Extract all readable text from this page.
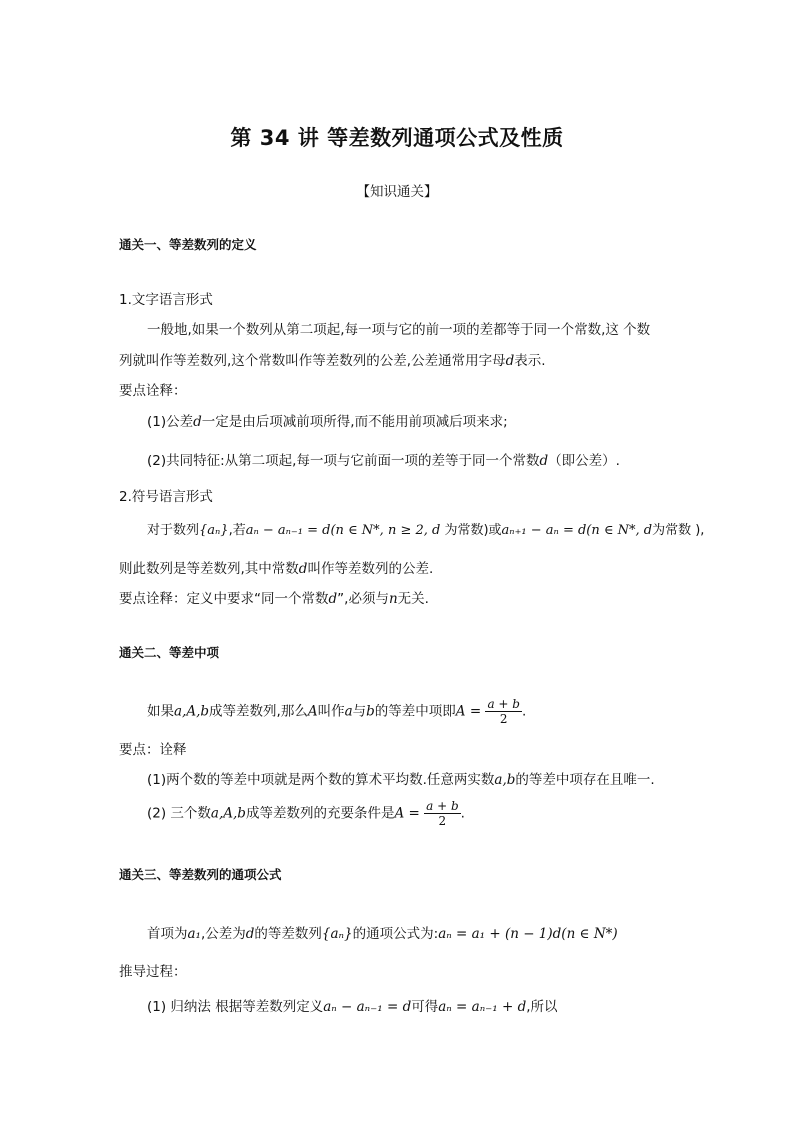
第 34 讲 等差数列通项公式及性质
【知识通关】
通关一、等差数列的定义
1.文字语言形式
一般地,如果一个数列从第二项起,每一项与它的前一项的差都等于同一个常数,这 个数
列就叫作等差数列,这个常数叫作等差数列的公差,公差通常用字母d表示.
要点诠释：
(1)公差d一定是由后项减前项所得,而不能用前项减后项来求;
(2)共同特征:从第二项起,每一项与它前面一项的差等于同一个常数d（即公差）.
2.符号语言形式
对于数列{aₙ},若aₙ − aₙ₋₁ = d(n ∈ N*, n ≥ 2, d 为常数)或aₙ₊₁ − aₙ = d(n ∈ N*, d为常数 ),
则此数列是等差数列,其中常数d叫作等差数列的公差.
要点诠释：定义中要求“同一个常数d”,必须与n无关.
通关二、等差中项
如果a,A,b成等差数列,那么A叫作a与b的等差中项即$A = \frac{a + b}{2}$ .
要点：诠释
(1)两个数的等差中项就是两个数的算术平均数.任意两实数a,b的等差中项存在且唯一.
(2) 三个数a,A,b成等差数列的充要条件是$A = \frac{a + b}{2}$ .
通关三、等差数列的通项公式
首项为a₁,公差为d的等差数列{aₙ}的通项公式为:aₙ = a₁ + (n − 1)d(n ∈ N*)
推导过程：
(1) 归纳法 根据等差数列定义aₙ − aₙ₋₁ = d可得aₙ = aₙ₋₁ + d,所以
